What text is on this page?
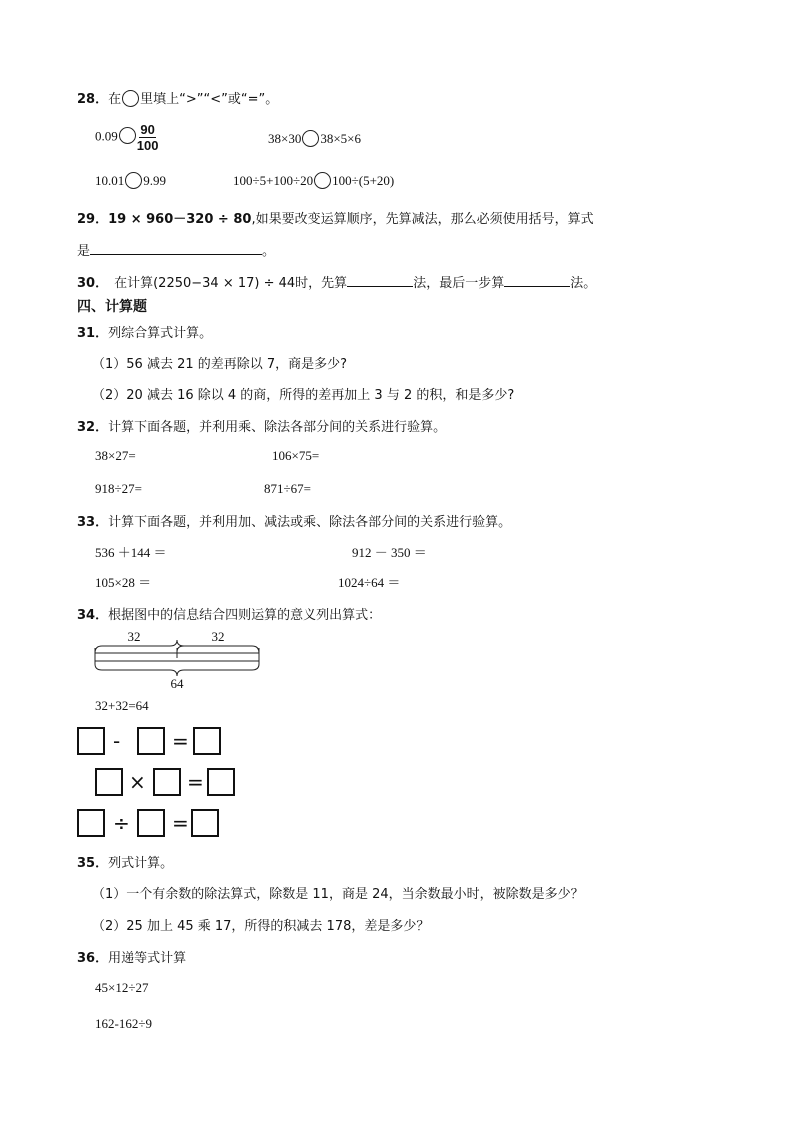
28．在 里填上“>”“<”或“=”。
$0.09 \frac{90}{100}$	38×30 38×5×6
10.01 9.99	100÷5+100÷20 100÷(5+20)
29．19 × 960－320 ÷ 80,如果要改变运算顺序，先算减法，那么必须使用括号，算式
是	。
30． 在计算(2250−34 × 17) ÷ 44时，先算	法，最后一步算	法。
四、计算题
31．列综合算式计算。
（1）56 减去 21 的差再除以 7，商是多少?
（2）20 减去 16 除以 4 的商，所得的差再加上 3 与 2 的积，和是多少?
32．计算下面各题，并利用乘、除法各部分间的关系进行验算。
38×27=	106×75=
918÷27=	871÷67=
33．计算下面各题，并利用加、减法或乘、除法各部分间的关系进行验算。
536 ＋144 ＝	912 － 350 ＝
105×28 ＝	1024÷64 ＝
34．根据图中的信息结合四则运算的意义列出算式：
32	32
64
32+32=64
-	=
× =
÷ =
35．列式计算。
（1）一个有余数的除法算式，除数是 11，商是 24，当余数最小时，被除数是多少？
（2）25 加上 45 乘 17，所得的积减去 178，差是多少？
36．用递等式计算
45×12÷27
162-162÷9
